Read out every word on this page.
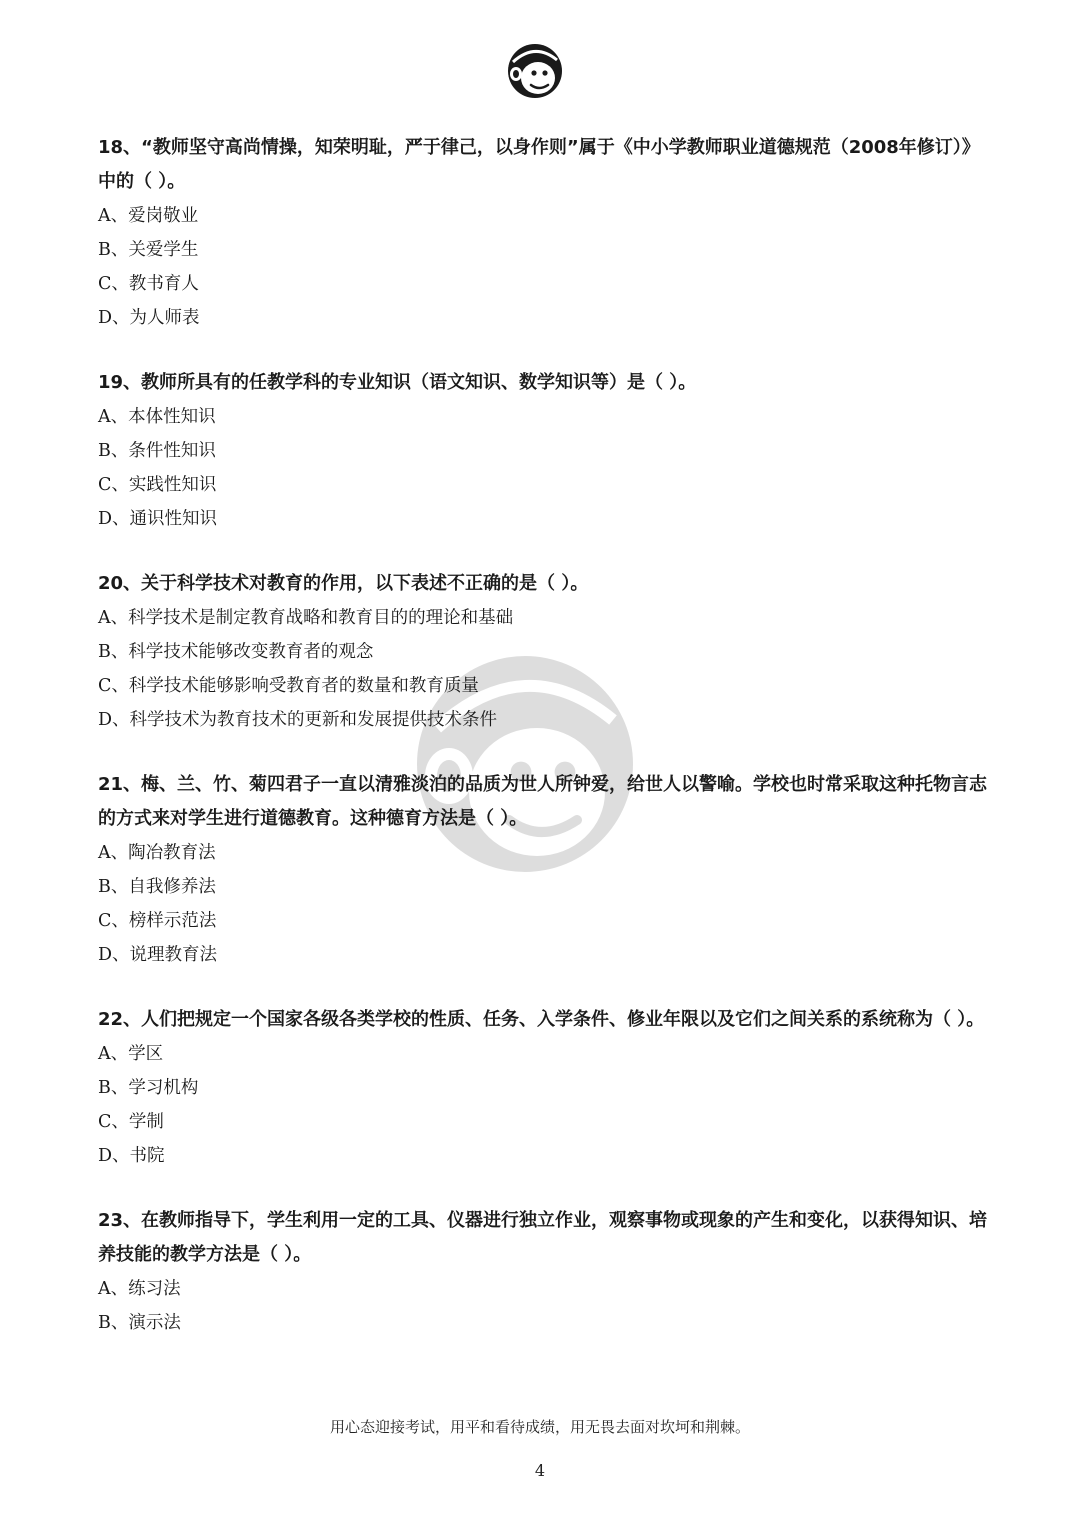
18、“教师坚守高尚情操，知荣明耻，严于律己，以身作则”属于《中小学教师职业道德规范（2008年修订）》中的（ ）。

A、爱岗敬业

B、关爱学生

C、教书育人

D、为人师表

19、教师所具有的任教学科的专业知识（语文知识、数学知识等）是（ ）。

A、本体性知识

B、条件性知识

C、实践性知识

D、通识性知识

20、关于科学技术对教育的作用，以下表述不正确的是（ ）。

A、科学技术是制定教育战略和教育目的的理论和基础

B、科学技术能够改变教育者的观念

C、科学技术能够影响受教育者的数量和教育质量

D、科学技术为教育技术的更新和发展提供技术条件

21、梅、兰、竹、菊四君子一直以清雅淡泊的品质为世人所钟爱，给世人以警喻。学校也时常采取这种托物言志的方式来对学生进行道德教育。这种德育方法是（ ）。

A、陶冶教育法

B、自我修养法

C、榜样示范法

D、说理教育法

22、人们把规定一个国家各级各类学校的性质、任务、入学条件、修业年限以及它们之间关系的系统称为（ ）。

A、学区

B、学习机构

C、学制

D、书院

23、在教师指导下，学生利用一定的工具、仪器进行独立作业，观察事物或现象的产生和变化，以获得知识、培养技能的教学方法是（ ）。

A、练习法

B、演示法

用心态迎接考试，用平和看待成绩，用无畏去面对坎坷和荆棘。
4
